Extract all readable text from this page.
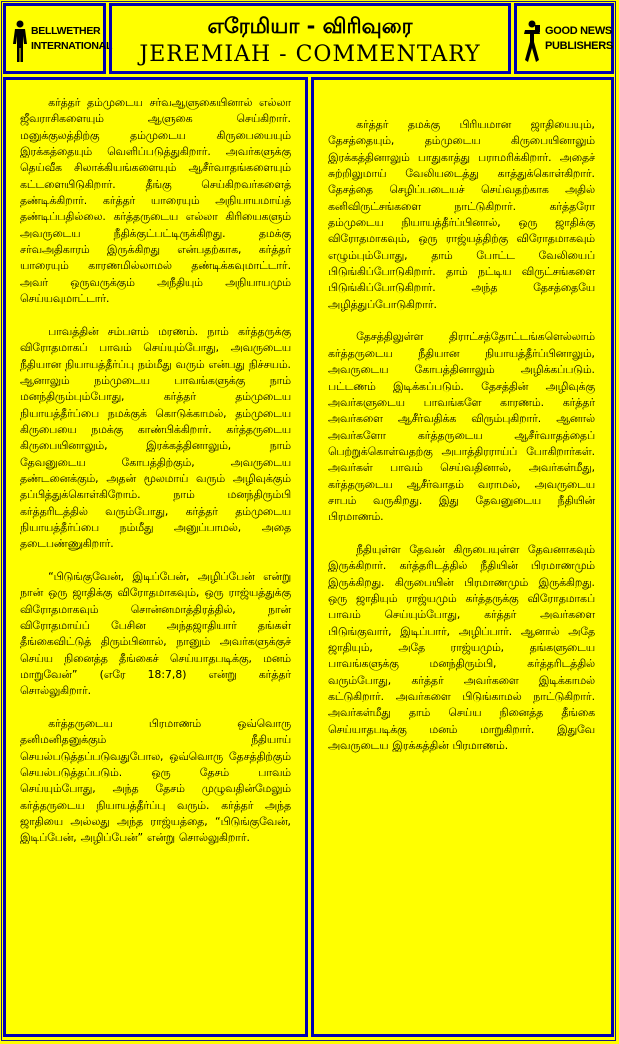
BELLWETHER
INTERNATIONAL
எரேமியா - விரிவுரை
JEREMIAH - COMMENTARY
GOOD NEWS
PUBLISHERS

கர்த்தர் தம்முடைய சர்வஆளுகையினால் எல்லா ஜீவராசிகளையும் ஆளுகை செய்கிறார். மனுக்குலத்திற்கு தம்முடைய கிருபையையும் இரக்கத்தையும் வெளிப்படுத்துகிறார். அவர்களுக்கு தெய்வீக சிலாக்கியங்களையும் ஆசீர்வாதங்களையும் கட்டளையிடுகிறார். தீங்கு செய்கிறவர்களைத் தண்டிக்கிறார். கர்த்தர் யாரையும் அநியாயமாய்த் தண்டிப்பதில்லை. கர்த்தருடைய எல்லா கிரியைகளும் அவருடைய நீதிக்குட்பட்டிருக்கிறது. தமக்கு சர்வஅதிகாரம் இருக்கிறது என்பதற்காக, கர்த்தர் யாரையும் காரணமில்லாமல் தண்டிக்கவுமாட்டார். அவர் ஒருவருக்கும் அநீதியும் அநியாயமும் செய்யவுமாட்டார்.

பாவத்தின் சம்பளம் மரணம். நாம் கர்த்தருக்கு விரோதமாகப் பாவம் செய்யும்போது, அவருடைய நீதியான நியாயத்தீர்ப்பு நம்மீது வரும் என்பது நிச்சயம். ஆனாலும் நம்முடைய பாவங்களுக்கு நாம் மனந்திரும்பும்போது, கர்த்தர் தம்முடைய நியாயத்தீர்ப்பை நமக்குக் கொடுக்காமல், தம்முடைய கிருபையை நமக்கு காண்பிக்கிறார். கர்த்தருடைய கிருபையினாலும், இரக்கத்தினாலும், நாம் தேவனுடைய கோபத்திற்கும், அவருடைய தண்டனைக்கும், அதன் மூலமாய் வரும் அழிவுக்கும் தப்பித்துக்கொள்கிறோம். நாம் மனந்திரும்பி கர்த்தரிடத்தில் வரும்போது, கர்த்தர் தம்முடைய நியாயத்தீர்ப்பை நம்மீது அனுப்பாமல், அதை தடைபண்ணுகிறார்.

“பிடுங்குவேன், இடிப்பேன், அழிப்பேன் என்று நான் ஒரு ஜாதிக்கு விரோதமாகவும், ஒரு ராஜ்யத்துக்கு விரோதமாகவும் சொன்னமாத்திரத்தில், நான் விரோதமாய்ப் பேசின அந்தஜாதியார் தங்கள் தீங்கைவிட்டுத் திரும்பினால், நானும் அவர்களுக்குச் செய்ய நினைத்த தீங்கைச் செய்யாதபடிக்கு, மனம் மாறுவேன்” (எரே 18:7,8) என்று கர்த்தர் சொல்லுகிறார்.

கர்த்தருடைய பிரமாணம் ஒவ்வொரு தனிமனிதனுக்கும் நீதியாய் செயல்படுத்தப்படுவதுபோல, ஒவ்வொரு தேசத்திற்கும் செயல்படுத்தப்படும். ஒரு தேசம் பாவம் செய்யும்போது, அந்த தேசம் முழுவதின்மேலும் கர்த்தருடைய நியாயத்தீர்ப்பு வரும். கர்த்தர் அந்த ஜாதியை அல்லது அந்த ராஜ்யத்தை, “பிடுங்குவேன், இடிப்பேன், அழிப்பேன்” என்று சொல்லுகிறார்.

கர்த்தர் தமக்கு பிரியமான ஜாதியையும், தேசத்தையும், தம்முடைய கிருபையினாலும் இரக்கத்தினாலும் பாதுகாத்து பராமரிக்கிறார். அதைச் சுற்றிலுமாய் வேலியடைத்து காத்துக்கொள்கிறார். தேசத்தை செழிப்படையச் செய்வதற்காக அதில் கனிவிருட்சங்களை நாட்டுகிறார். கர்த்தரோ தம்முடைய நியாயத்தீர்ப்பினால், ஒரு ஜாதிக்கு விரோதமாகவும், ஒரு ராஜ்யத்திற்கு விரோதமாகவும் எழும்பும்போது, தாம் போட்ட வேலியைப் பிடுங்கிப்போடுகிறார். தாம் நட்டிய விருட்சங்களை பிடுங்கிப்போடுகிறார். அந்த தேசத்தையே அழித்துப்போடுகிறார்.

தேசத்திலுள்ள திராட்சத்தோட்டங்களெல்லாம் கர்த்தருடைய நீதியான நியாயத்தீர்ப்பினாலும், அவருடைய கோபத்தினாலும் அழிக்கப்படும். பட்டணம் இடிக்கப்படும். தேசத்தின் அழிவுக்கு அவர்களுடைய பாவங்களே காரணம். கர்த்தர் அவர்களை ஆசீர்வதிக்க விரும்புகிறார். ஆனால் அவர்களோ கர்த்தருடைய ஆசீர்வாதத்தைப் பெற்றுக்கொள்வதற்கு அபாத்திரராய்ப் போகிறார்கள். அவர்கள் பாவம் செய்வதினால், அவர்கள்மீது, கர்த்தருடைய ஆசீர்வாதம் வராமல், அவருடைய சாபம் வருகிறது. இது தேவனுடைய நீதியின் பிரமாணம்.

நீதியுள்ள தேவன் கிருபையுள்ள தேவனாகவும் இருக்கிறார். கர்த்தரிடத்தில் நீதியின் பிரமாணமும் இருக்கிறது. கிருபையின் பிரமாணமும் இருக்கிறது. ஒரு ஜாதியும் ராஜ்யமும் கர்த்தருக்கு விரோதமாகப் பாவம் செய்யும்போது, கர்த்தர் அவர்களை பிடுங்குவார், இடிப்பார், அழிப்பார். ஆனால் அதே ஜாதியும், அதே ராஜ்யமும், தங்களுடைய பாவங்களுக்கு மனந்திரும்பி, கர்த்தரிடத்தில் வரும்போது, கர்த்தர் அவர்களை இடிக்காமல் கட்டுகிறார். அவர்களை பிடுங்காமல் நாட்டுகிறார். அவர்கள்மீது தாம் செய்ய நினைத்த தீங்கை செய்யாதபடிக்கு மனம் மாறுகிறார். இதுவே அவருடைய இரக்கத்தின் பிரமாணம்.
